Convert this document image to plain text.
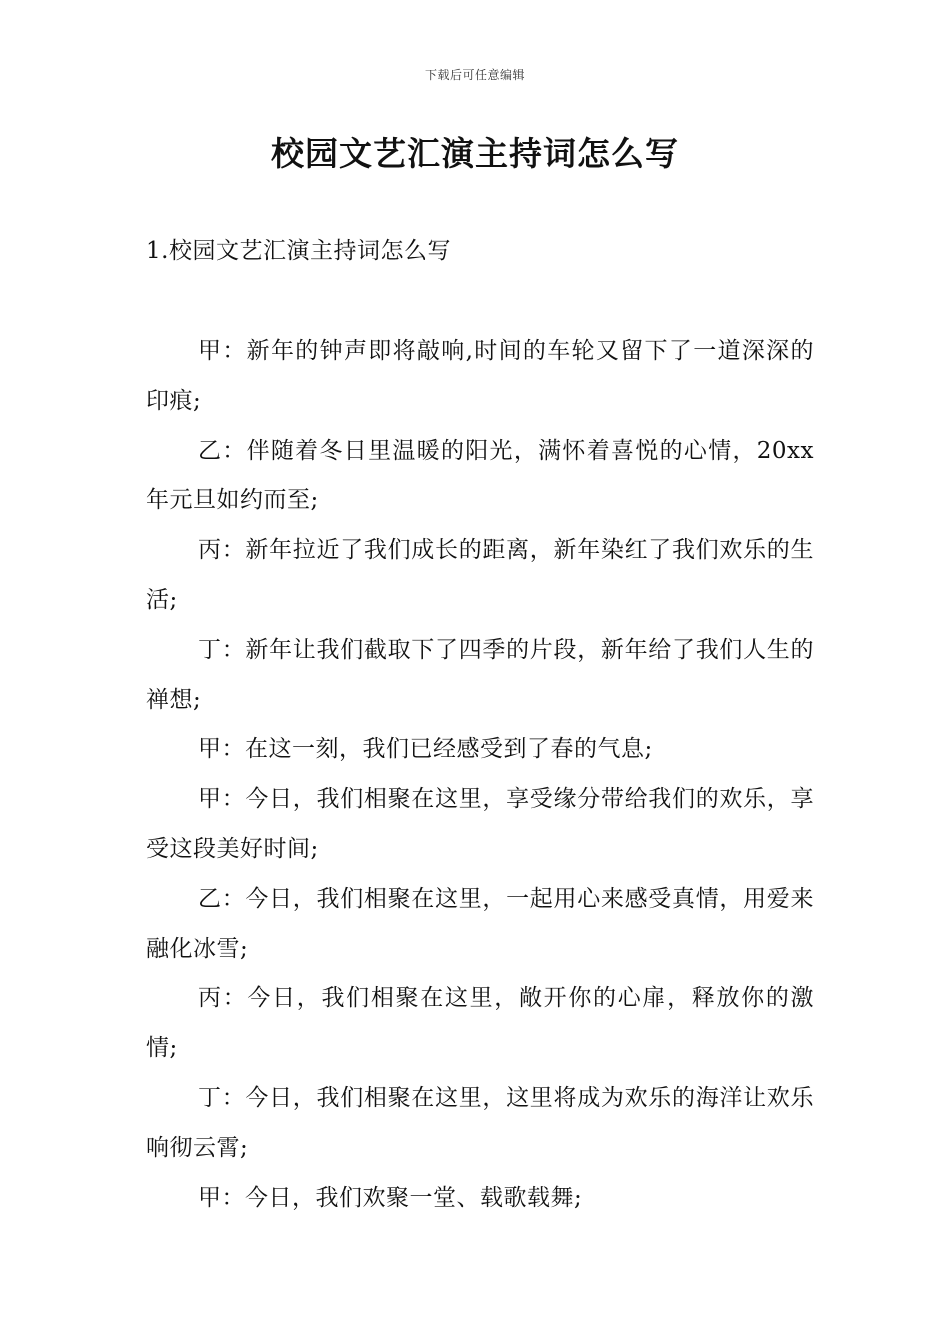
下载后可任意编辑
校园文艺汇演主持词怎么写
1.校园文艺汇演主持词怎么写

甲：新年的钟声即将敲响,时间的车轮又留下了一道深深的印痕;

乙：伴随着冬日里温暖的阳光，满怀着喜悦的心情，20xx年元旦如约而至;

丙：新年拉近了我们成长的距离，新年染红了我们欢乐的生活;

丁：新年让我们截取下了四季的片段，新年给了我们人生的禅想;

甲：在这一刻，我们已经感受到了春的气息;

甲：今日，我们相聚在这里，享受缘分带给我们的欢乐，享受这段美好时间;

乙：今日，我们相聚在这里，一起用心来感受真情，用爱来融化冰雪;

丙：今日，我们相聚在这里，敞开你的心扉，释放你的激情;

丁：今日，我们相聚在这里，这里将成为欢乐的海洋让欢乐响彻云霄;

甲：今日，我们欢聚一堂、载歌载舞;
